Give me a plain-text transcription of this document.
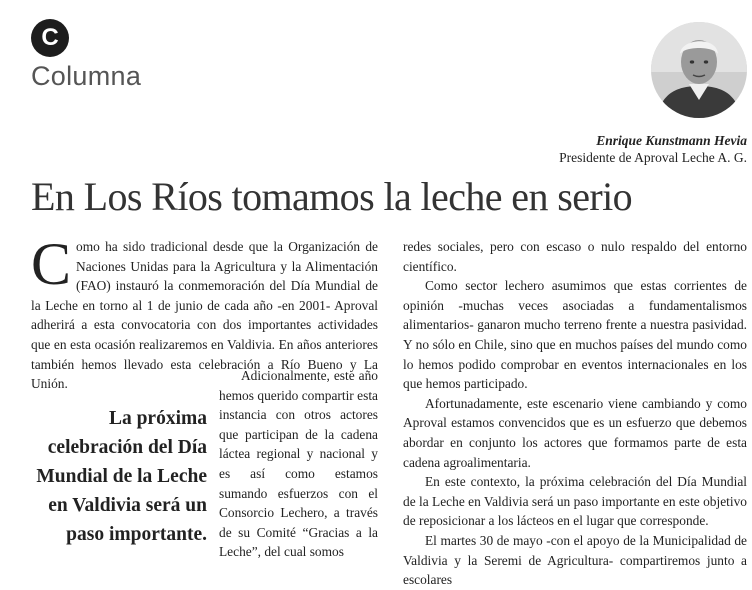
C
Columna
Enrique Kunstmann Hevia
Presidente de Aproval Leche A. G.
En Los Ríos tomamos la leche en serio

Como ha sido tradicional desde que la Organización de Naciones Unidas para la Agricultura y la Alimentación (FAO) instauró la conmemoración del Día Mundial de la Leche en torno al 1 de junio de cada año -en 2001- Aproval adherirá a esta convocatoria con dos importantes actividades que en esta ocasión realizaremos en Valdivia. En años anteriores también hemos llevado esta celebración a Río Bueno y La Unión.

Adicionalmente, este año hemos querido compartir esta instancia con otros actores que participan de la cadena láctea regional y nacional y es así como estamos sumando esfuerzos con el Consorcio Lechero, a través de su Comité “Gracias a la Leche”, del cual somos

La próxima celebración del Día Mundial de la Leche en Valdivia será un paso importante.

redes sociales, pero con escaso o nulo respaldo del entorno científico.

Como sector lechero asumimos que estas corrientes de opinión -muchas veces asociadas a fundamentalismos alimentarios- ganaron mucho terreno frente a nuestra pasividad. Y no sólo en Chile, sino que en muchos países del mundo como lo hemos podido comprobar en eventos internacionales en los que hemos participado.

Afortunadamente, este escenario viene cambiando y como Aproval estamos convencidos que es un esfuerzo que debemos abordar en conjunto los actores que formamos parte de esta cadena agroalimentaria.

En este contexto, la próxima celebración del Día Mundial de la Leche en Valdivia será un paso importante en este objetivo de reposicionar a los lácteos en el lugar que corresponde.

El martes 30 de mayo -con el apoyo de la Municipalidad de Valdivia y la Seremi de Agricultura- compartiremos junto a escolares
